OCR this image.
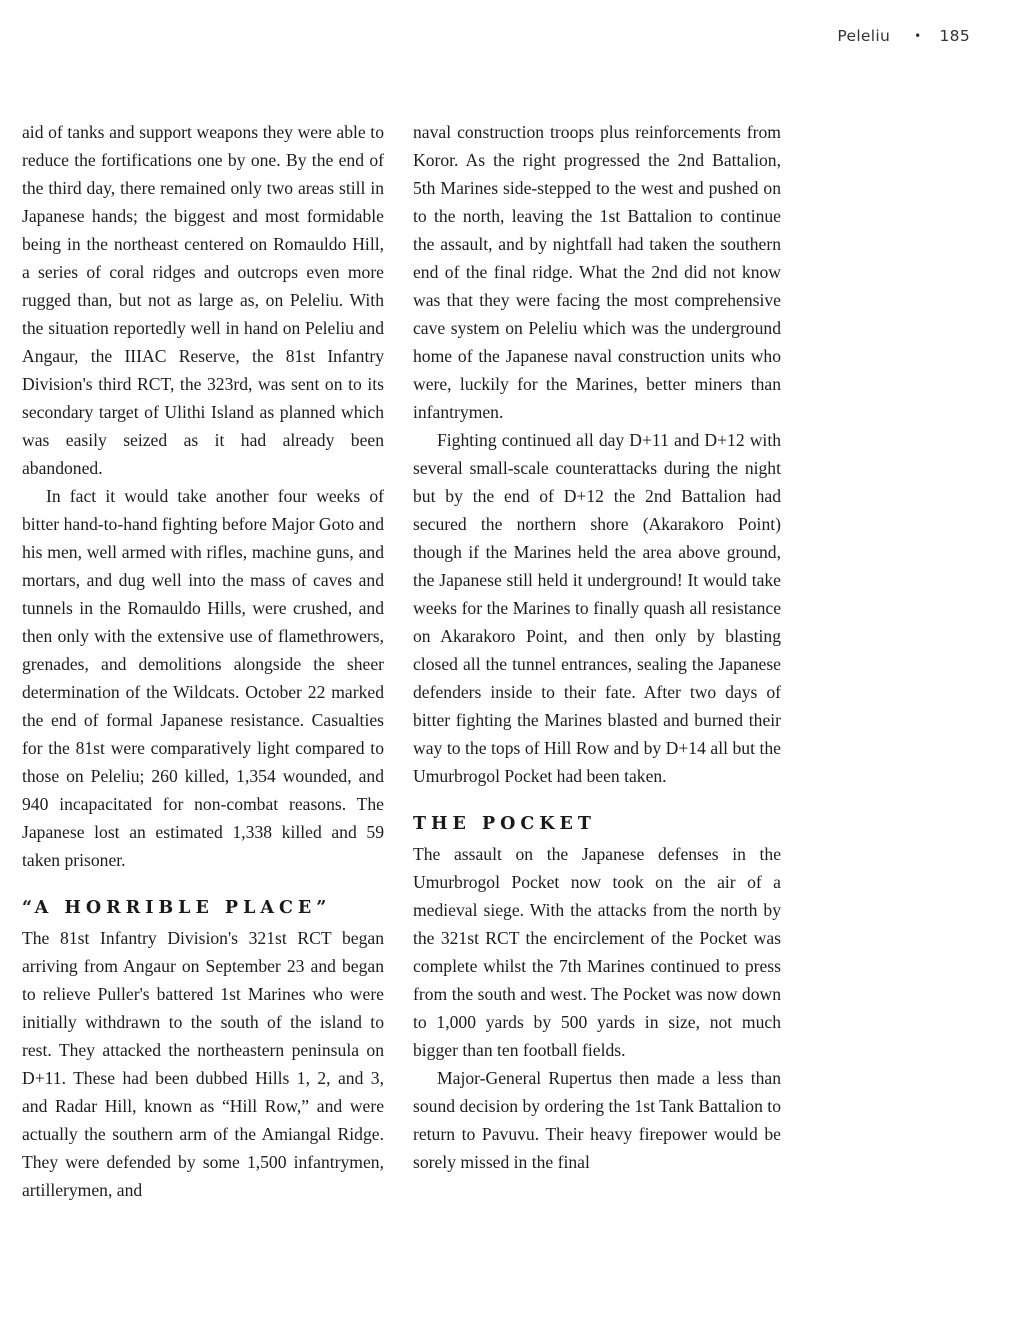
Peleliu • 185

aid of tanks and support weapons they were able to reduce the fortifications one by one. By the end of the third day, there remained only two areas still in Japanese hands; the biggest and most formidable being in the northeast centered on Romauldo Hill, a series of coral ridges and outcrops even more rugged than, but not as large as, on Peleliu. With the situation reportedly well in hand on Peleliu and Angaur, the IIIAC Reserve, the 81st Infantry Division's third RCT, the 323rd, was sent on to its secondary target of Ulithi Island as planned which was easily seized as it had already been abandoned.

In fact it would take another four weeks of bitter hand-to-hand fighting before Major Goto and his men, well armed with rifles, machine guns, and mortars, and dug well into the mass of caves and tunnels in the Romauldo Hills, were crushed, and then only with the extensive use of flamethrowers, grenades, and demolitions alongside the sheer determination of the Wildcats. October 22 marked the end of formal Japanese resistance. Casualties for the 81st were comparatively light compared to those on Peleliu; 260 killed, 1,354 wounded, and 940 incapacitated for non-combat reasons. The Japanese lost an estimated 1,338 killed and 59 taken prisoner.

“A HORRIBLE PLACE”

The 81st Infantry Division's 321st RCT began arriving from Angaur on September 23 and began to relieve Puller's battered 1st Marines who were initially withdrawn to the south of the island to rest. They attacked the northeastern peninsula on D+11. These had been dubbed Hills 1, 2, and 3, and Radar Hill, known as “Hill Row,” and were actually the southern arm of the Amiangal Ridge. They were defended by some 1,500 infantrymen, artillerymen, and

naval construction troops plus reinforcements from Koror. As the right progressed the 2nd Battalion, 5th Marines side-stepped to the west and pushed on to the north, leaving the 1st Battalion to continue the assault, and by nightfall had taken the southern end of the final ridge. What the 2nd did not know was that they were facing the most comprehensive cave system on Peleliu which was the underground home of the Japanese naval construction units who were, luckily for the Marines, better miners than infantrymen.

Fighting continued all day D+11 and D+12 with several small-scale counterattacks during the night but by the end of D+12 the 2nd Battalion had secured the northern shore (Akarakoro Point) though if the Marines held the area above ground, the Japanese still held it underground! It would take weeks for the Marines to finally quash all resistance on Akarakoro Point, and then only by blasting closed all the tunnel entrances, sealing the Japanese defenders inside to their fate. After two days of bitter fighting the Marines blasted and burned their way to the tops of Hill Row and by D+14 all but the Umurbrogol Pocket had been taken.

THE POCKET

The assault on the Japanese defenses in the Umurbrogol Pocket now took on the air of a medieval siege. With the attacks from the north by the 321st RCT the encirclement of the Pocket was complete whilst the 7th Marines continued to press from the south and west. The Pocket was now down to 1,000 yards by 500 yards in size, not much bigger than ten football fields.

Major-General Rupertus then made a less than sound decision by ordering the 1st Tank Battalion to return to Pavuvu. Their heavy firepower would be sorely missed in the final
